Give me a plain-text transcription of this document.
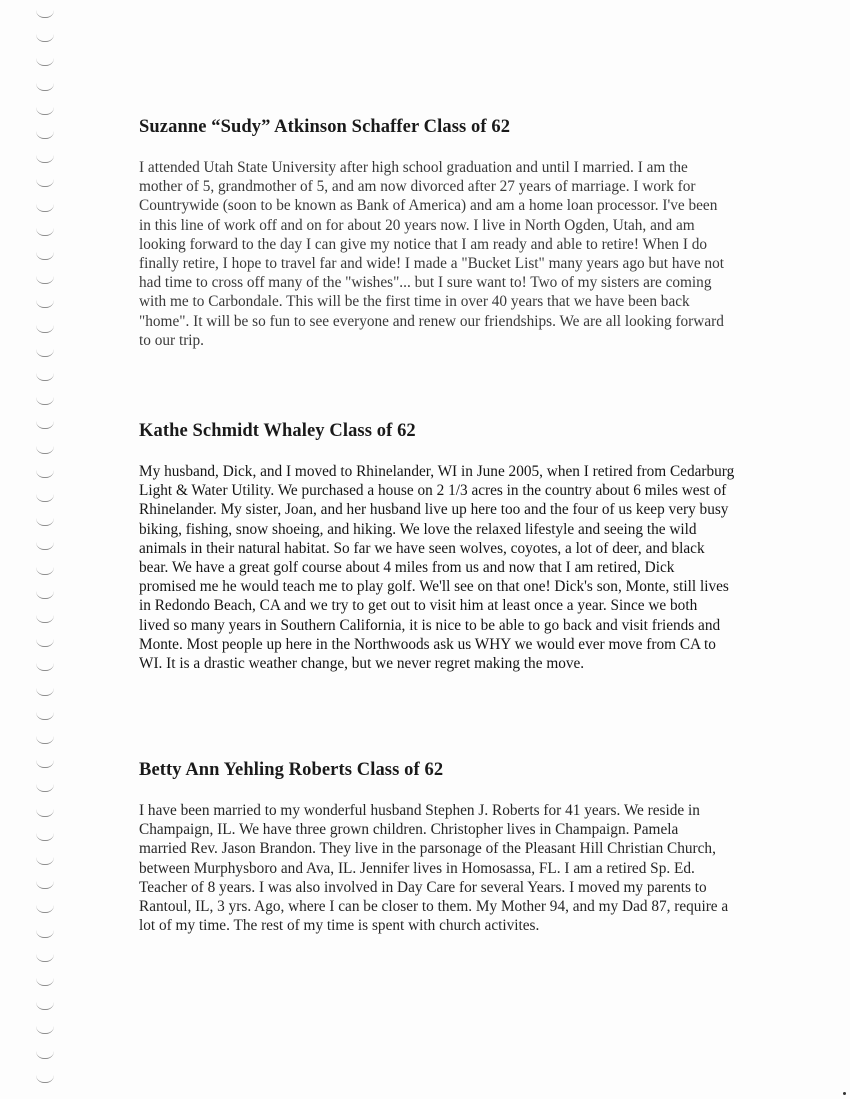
Suzanne “Sudy” Atkinson Schaffer Class of 62

I attended Utah State University after high school graduation and until I married. I am the
mother of 5, grandmother of 5, and am now divorced after 27 years of marriage. I work for
Countrywide (soon to be known as Bank of America) and am a home loan processor. I've been
in this line of work off and on for about 20 years now. I live in North Ogden, Utah, and am
looking forward to the day I can give my notice that I am ready and able to retire! When I do
finally retire, I hope to travel far and wide! I made a "Bucket List" many years ago but have not
had time to cross off many of the "wishes"... but I sure want to! Two of my sisters are coming
with me to Carbondale. This will be the first time in over 40 years that we have been back
"home". It will be so fun to see everyone and renew our friendships. We are all looking forward
to our trip.

Kathe Schmidt Whaley Class of 62

My husband, Dick, and I moved to Rhinelander, WI in June 2005, when I retired from Cedarburg
Light & Water Utility. We purchased a house on 2 1/3 acres in the country about 6 miles west of
Rhinelander. My sister, Joan, and her husband live up here too and the four of us keep very busy
biking, fishing, snow shoeing, and hiking. We love the relaxed lifestyle and seeing the wild
animals in their natural habitat. So far we have seen wolves, coyotes, a lot of deer, and black
bear. We have a great golf course about 4 miles from us and now that I am retired, Dick
promised me he would teach me to play golf. We'll see on that one! Dick's son, Monte, still lives
in Redondo Beach, CA and we try to get out to visit him at least once a year. Since we both
lived so many years in Southern California, it is nice to be able to go back and visit friends and
Monte. Most people up here in the Northwoods ask us WHY we would ever move from CA to
WI. It is a drastic weather change, but we never regret making the move.

Betty Ann Yehling Roberts Class of 62

I have been married to my wonderful husband Stephen J. Roberts for 41 years. We reside in
Champaign, IL. We have three grown children. Christopher lives in Champaign. Pamela
married Rev. Jason Brandon. They live in the parsonage of the Pleasant Hill Christian Church,
between Murphysboro and Ava, IL. Jennifer lives in Homosassa, FL. I am a retired Sp. Ed.
Teacher of 8 years. I was also involved in Day Care for several Years. I moved my parents to
Rantoul, IL, 3 yrs. Ago, where I can be closer to them. My Mother 94, and my Dad 87, require a
lot of my time. The rest of my time is spent with church activites.
